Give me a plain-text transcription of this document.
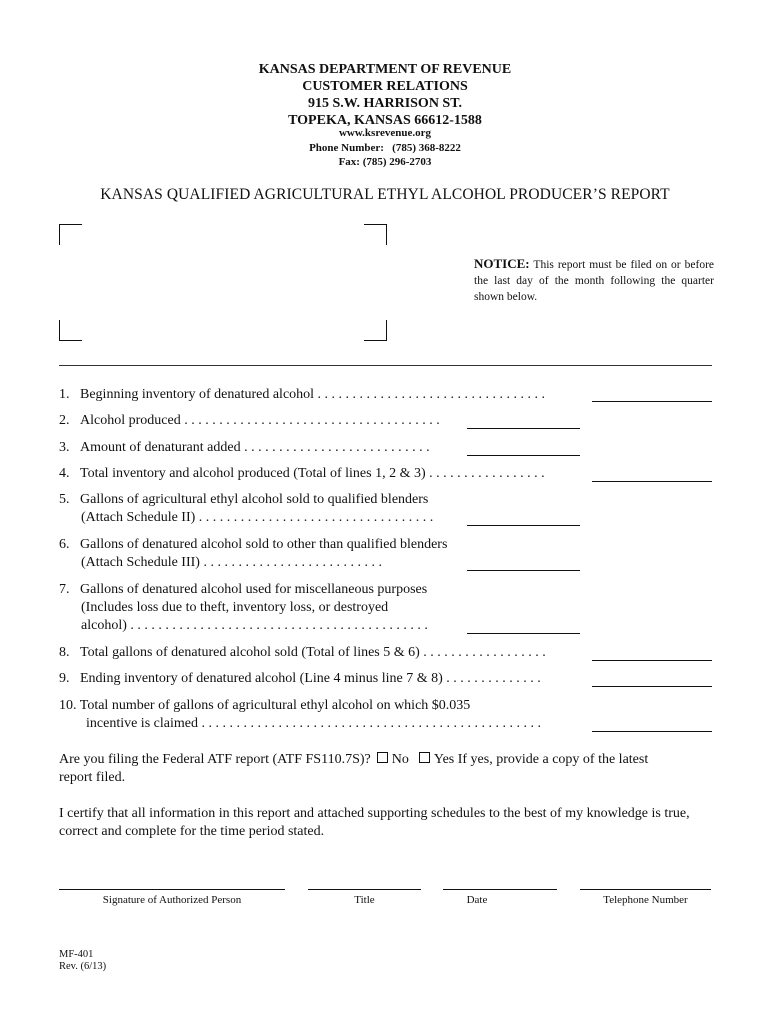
KANSAS DEPARTMENT OF REVENUE
CUSTOMER RELATIONS
915 S.W. HARRISON ST.
TOPEKA, KANSAS 66612-1588
www.ksrevenue.org
Phone Number:   (785) 368-8222
Fax: (785) 296-2703
KANSAS QUALIFIED AGRICULTURAL ETHYL ALCOHOL PRODUCER’S REPORT
NOTICE: This report must be filed on or before the last day of the month following the quarter shown below.
1. Beginning inventory of denatured alcohol . . . . . . . . . . . . . . . . . . . . . . . . . . . . . . . . .
2. Alcohol produced . . . . . . . . . . . . . . . . . . . . . . . . . . . . . . . . . . . . .
3. Amount of denaturant added . . . . . . . . . . . . . . . . . . . . . . . . . . .
4. Total inventory and alcohol produced (Total of lines 1, 2 & 3) . . . . . . . . . . . . . . . . .
5. Gallons of agricultural ethyl alcohol sold to qualified blenders
(Attach Schedule II) . . . . . . . . . . . . . . . . . . . . . . . . . . . . . . . . . .
6. Gallons of denatured alcohol sold to other than qualified blenders
(Attach Schedule III) . . . . . . . . . . . . . . . . . . . . . . . . . .
7. Gallons of denatured alcohol used for miscellaneous purposes
(Includes loss due to theft, inventory loss, or destroyed
alcohol) . . . . . . . . . . . . . . . . . . . . . . . . . . . . . . . . . . . . . . . . . . .
8. Total gallons of denatured alcohol sold (Total of lines 5 & 6) . . . . . . . . . . . . . . . . . .
9. Ending inventory of denatured alcohol (Line 4 minus line 7 & 8) . . . . . . . . . . . . . .
10. Total number of gallons of agricultural ethyl alcohol on which $0.035
incentive is claimed . . . . . . . . . . . . . . . . . . . . . . . . . . . . . . . . . . . . . . . . . . . . . . . . .
Are you filing the Federal ATF report (ATF FS110.7S)? No Yes If yes, provide a copy of the latest
report filed.
I certify that all information in this report and attached supporting schedules to the best of my knowledge is true, correct and complete for the time period stated.
Signature of Authorized Person	Title	Date	Telephone Number
MF-401
Rev. (6/13)
